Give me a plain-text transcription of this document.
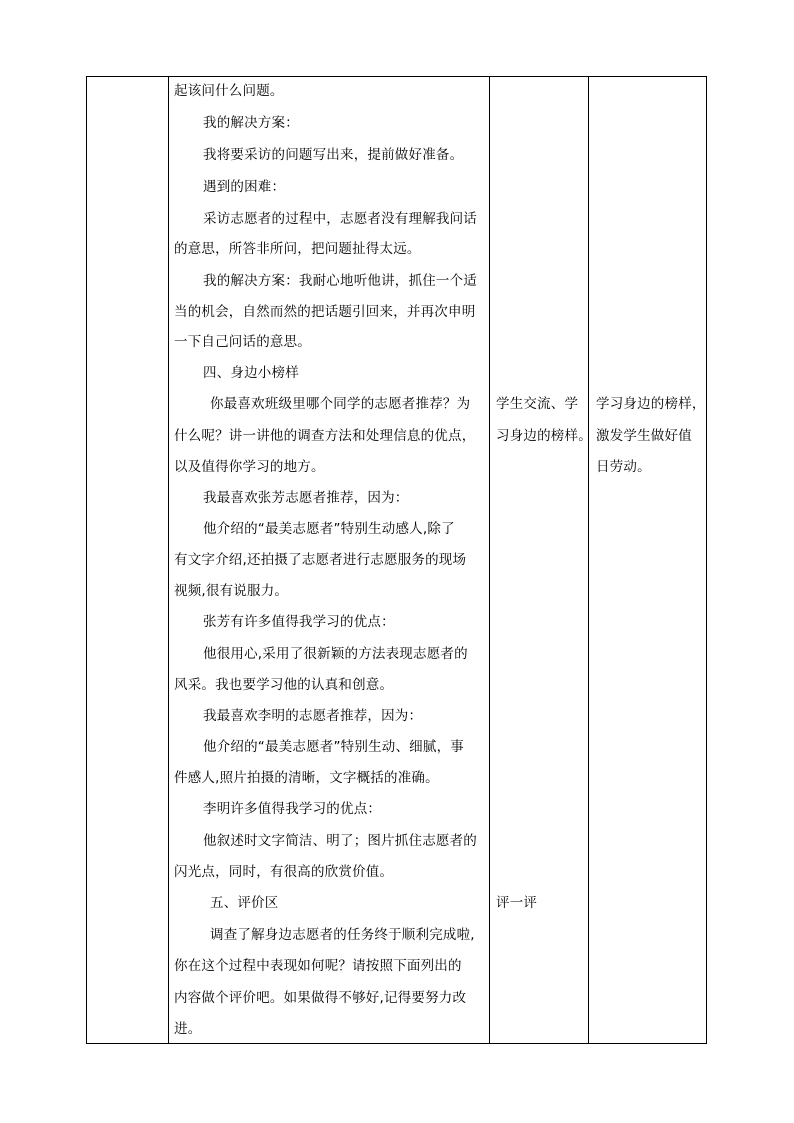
起该问什么问题。
我的解决方案：
我将要采访的问题写出来，提前做好准备。
遇到的困难：
采访志愿者的过程中，志愿者没有理解我问话
的意思，所答非所问，把问题扯得太远。
我的解决方案：我耐心地听他讲，抓住一个适
当的机会，自然而然的把话题引回来，并再次申明
一下自己问话的意思。
四、身边小榜样
你最喜欢班级里哪个同学的志愿者推荐？为
什么呢？讲一讲他的调查方法和处理信息的优点，
以及值得你学习的地方。
我最喜欢张芳志愿者推荐，因为：
他介绍的“最美志愿者”特别生动感人,除了
有文字介绍,还拍摄了志愿者进行志愿服务的现场
视频,很有说服力。
张芳有许多值得我学习的优点：
他很用心,采用了很新颖的方法表现志愿者的
风采。我也要学习他的认真和创意。
我最喜欢李明的志愿者推荐，因为：
他介绍的“最美志愿者”特别生动、细腻，事
件感人,照片拍摄的清晰，文字概括的准确。
李明许多值得我学习的优点：
他叙述时文字简洁、明了；图片抓住志愿者的
闪光点，同时，有很高的欣赏价值。
五、评价区
调查了解身边志愿者的任务终于顺利完成啦,
你在这个过程中表现如何呢？请按照下面列出的
内容做个评价吧。如果做得不够好,记得要努力改
进。
学生交流、学
习身边的榜样。
评一评
学习身边的榜样，
激发学生做好值
日劳动。
